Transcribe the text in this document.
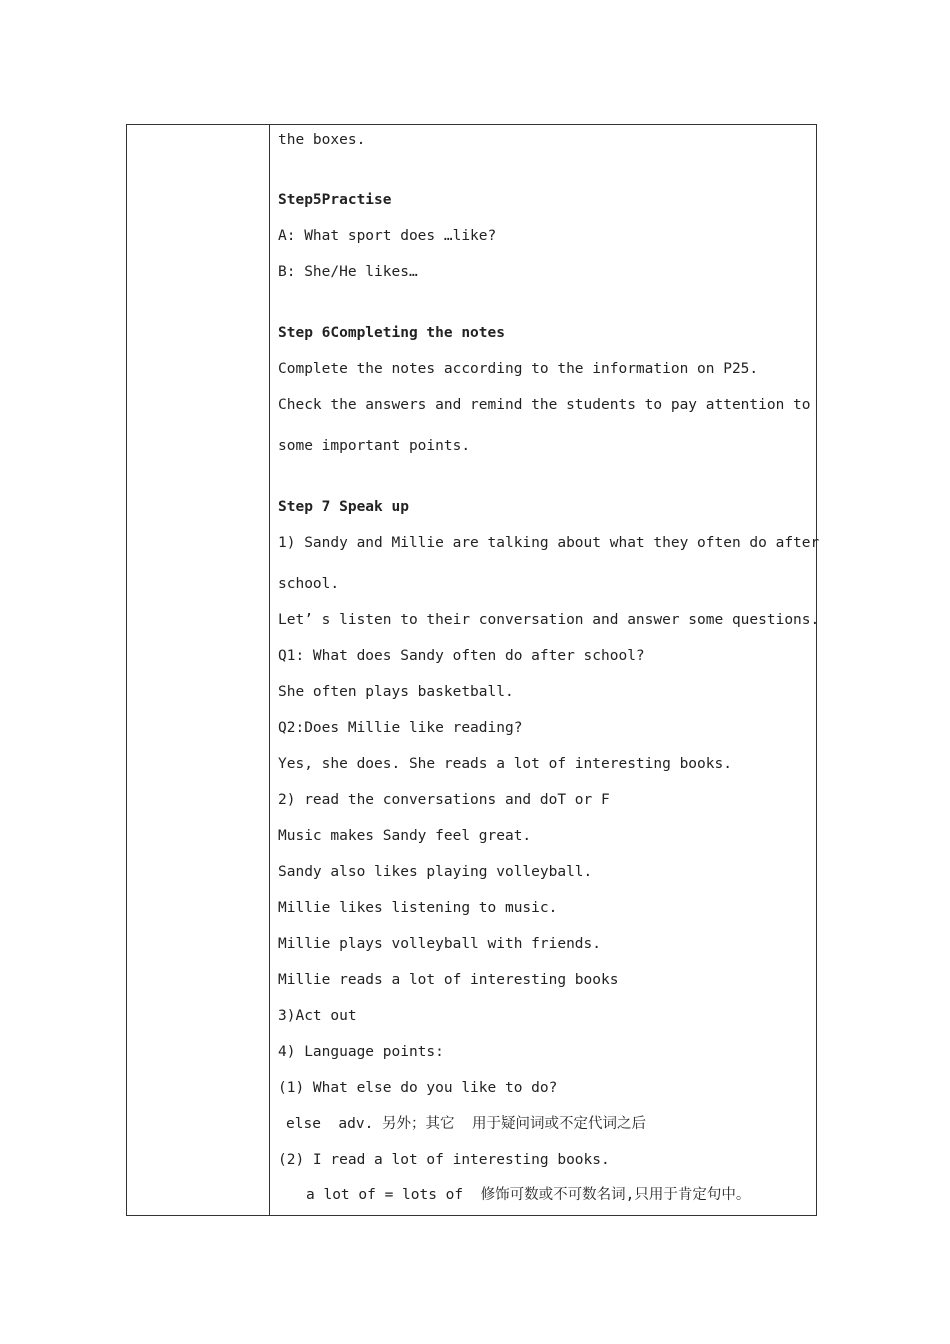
the boxes.
Step5Practise
A: What sport does …like?
B: She/He likes…
Step 6Completing the notes
Complete the notes according to the information on P25.
Check the answers and remind the students to pay attention to
some important points.
Step 7 Speak up
1) Sandy and Millie are talking about what they often do after
school.
Let’ s listen to their conversation and answer some questions.
Q1: What does Sandy often do after school?
She often plays basketball.
Q2:Does Millie like reading?
Yes, she does. She reads a lot of interesting books.
2) read the conversations and doT or F
Music makes Sandy feel great.
Sandy also likes playing volleyball.
Millie likes listening to music.
Millie plays volleyball with friends.
Millie reads a lot of interesting books
3)Act out
4) Language points:
(1) What else do you like to do?
else  adv. 另外；其它  用于疑问词或不定代词之后
(2) I read a lot of interesting books.
a lot of = lots of  修饰可数或不可数名词,只用于肯定句中。
